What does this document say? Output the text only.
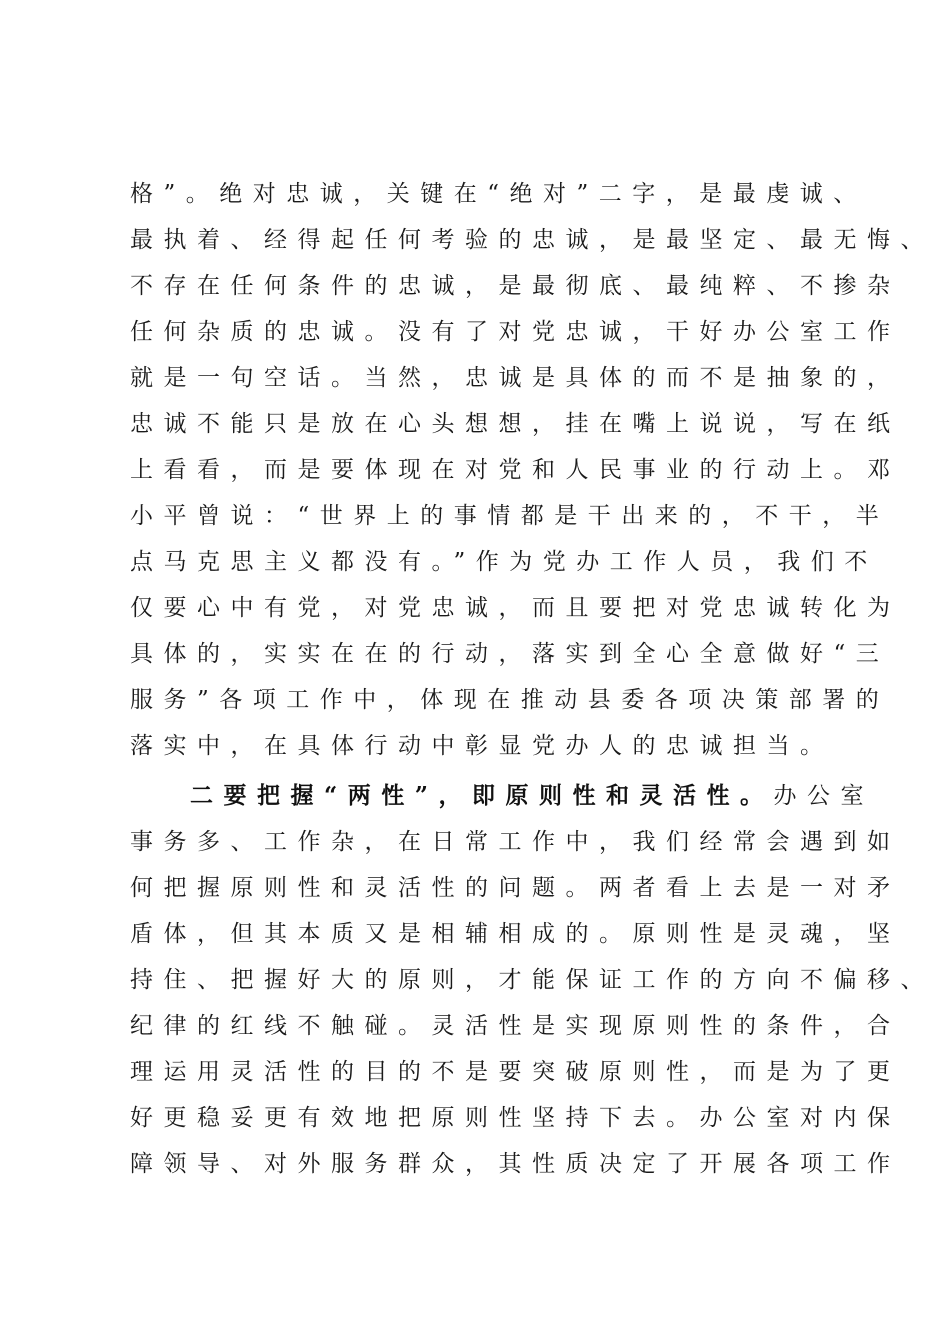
格”。绝对忠诚，关键在“绝对”二字，是最虔诚、
最执着、经得起任何考验的忠诚，是最坚定、最无悔、
不存在任何条件的忠诚，是最彻底、最纯粹、不掺杂
任何杂质的忠诚。没有了对党忠诚，干好办公室工作
就是一句空话。当然，忠诚是具体的而不是抽象的，
忠诚不能只是放在心头想想，挂在嘴上说说，写在纸
上看看，而是要体现在对党和人民事业的行动上。邓
小平曾说：“世界上的事情都是干出来的，不干，半
点马克思主义都没有。”作为党办工作人员，我们不
仅要心中有党，对党忠诚，而且要把对党忠诚转化为
具体的，实实在在的行动，落实到全心全意做好“三
服务”各项工作中，体现在推动县委各项决策部署的
落实中，在具体行动中彰显党办人的忠诚担当。
二要把握“两性”，即原则性和灵活性。办公室
事务多、工作杂，在日常工作中，我们经常会遇到如
何把握原则性和灵活性的问题。两者看上去是一对矛
盾体，但其本质又是相辅相成的。原则性是灵魂，坚
持住、把握好大的原则，才能保证工作的方向不偏移、
纪律的红线不触碰。灵活性是实现原则性的条件，合
理运用灵活性的目的不是要突破原则性，而是为了更
好更稳妥更有效地把原则性坚持下去。办公室对内保
障领导、对外服务群众，其性质决定了开展各项工作
